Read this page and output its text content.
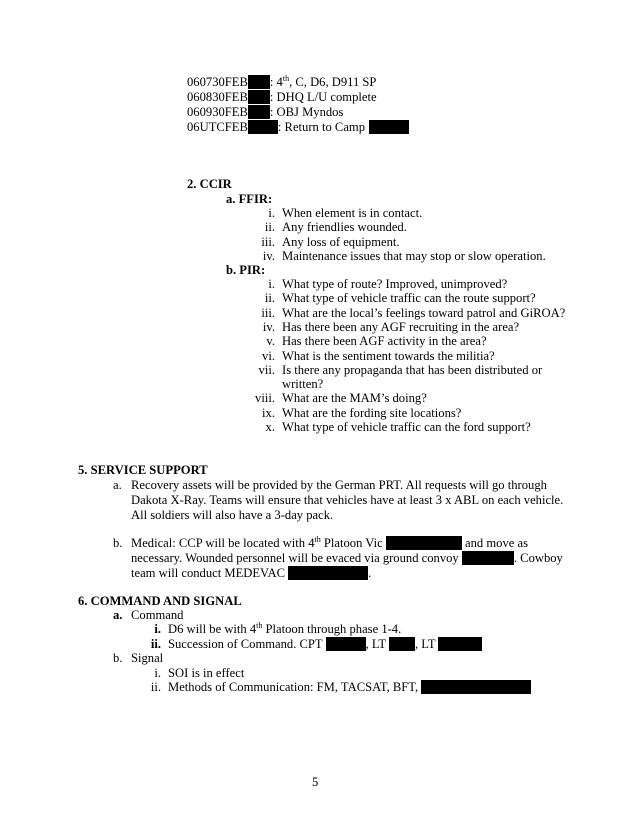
060730FEB : 4th, C, D6, D911 SP
060830FEB : DHQ L/U complete
060930FEB : OBJ Myndos
06UTCFEB : Return to Camp
2. CCIR
a. FFIR:
i. When element is in contact.
ii. Any friendlies wounded.
iii. Any loss of equipment.
iv. Maintenance issues that may stop or slow operation.
b. PIR:
i. What type of route? Improved, unimproved?
ii. What type of vehicle traffic can the route support?
iii. What are the local’s feelings toward patrol and GiROA?
iv. Has there been any AGF recruiting in the area?
v. Has there been AGF activity in the area?
vi. What is the sentiment towards the militia?
vii. Is there any propaganda that has been distributed or
written?
viii. What are the MAM’s doing?
ix. What are the fording site locations?
x. What type of vehicle traffic can the ford support?
5. SERVICE SUPPORT
a. Recovery assets will be provided by the German PRT. All requests will go through
Dakota X-Ray. Teams will ensure that vehicles have at least 3 x ABL on each vehicle.
All soldiers will also have a 3-day pack.
b. Medical: CCP will be located with 4th Platoon Vic	and move as
necessary. Wounded personnel will be evaced via ground convoy	. Cowboy
team will conduct MEDEVAC	.
6. COMMAND AND SIGNAL
a. Command
i. D6 will be with 4th Platoon through phase 1-4.
ii. Succession of Command. CPT	, LT , LT
b. Signal
i. SOI is in effect
ii. Methods of Communication: FM, TACSAT, BFT,
5
